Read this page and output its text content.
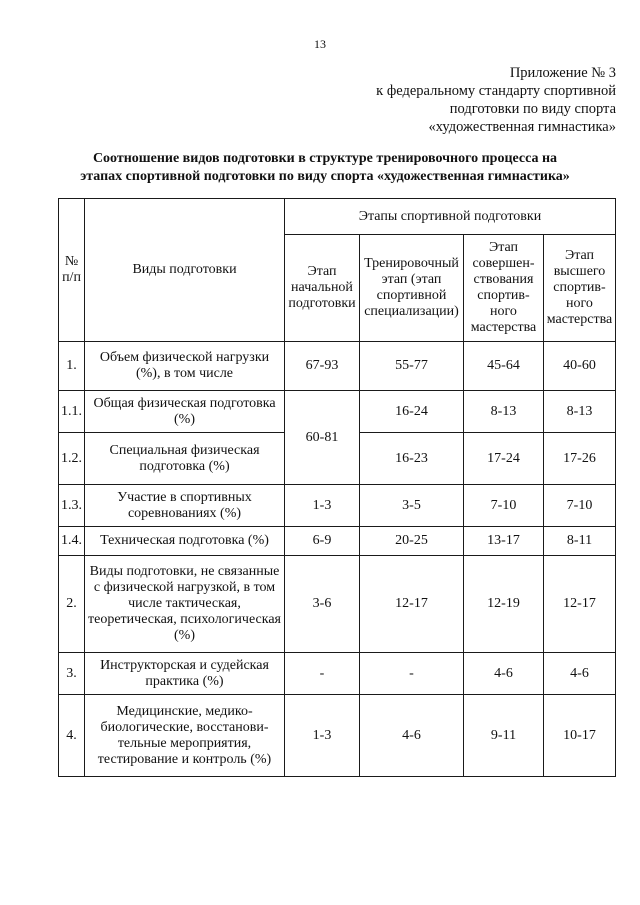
13
Приложение № 3
к федеральному стандарту спортивной
подготовки по виду спорта
«художественная гимнастика»
Соотношение видов подготовки в структуре тренировочного процесса на
этапах спортивной подготовки по виду спорта «художественная гимнастика»
№ п/п	Виды подготовки	Этапы спортивной подготовки			
		Этап начальной подготовки	Тренировочный этап (этап спортивной специализации)	Этап совершен-ствования спортив-ного мастерства	Этап высшего спортив-ного мастерства
1.	Объем физической нагрузки (%), в том числе	67-93	55-77	45-64	40-60
1.1.	Общая физическая подготовка (%)	60-81	16-24	8-13	8-13
1.2.	Специальная физическая подготовка (%)		16-23	17-24	17-26
1.3.	Участие в спортивных соревнованиях (%)	1-3	3-5	7-10	7-10
1.4.	Техническая подготовка (%)	6-9	20-25	13-17	8-11
2.	Виды подготовки, не связанные с физической нагрузкой, в том числе тактическая, теоретическая, психологическая (%)	3-6	12-17	12-19	12-17
3.	Инструкторская и судейская практика (%)	-	-	4-6	4-6
4.	Медицинские, медико-биологические, восстанови-тельные мероприятия, тестирование и контроль (%)	1-3	4-6	9-11	10-17
